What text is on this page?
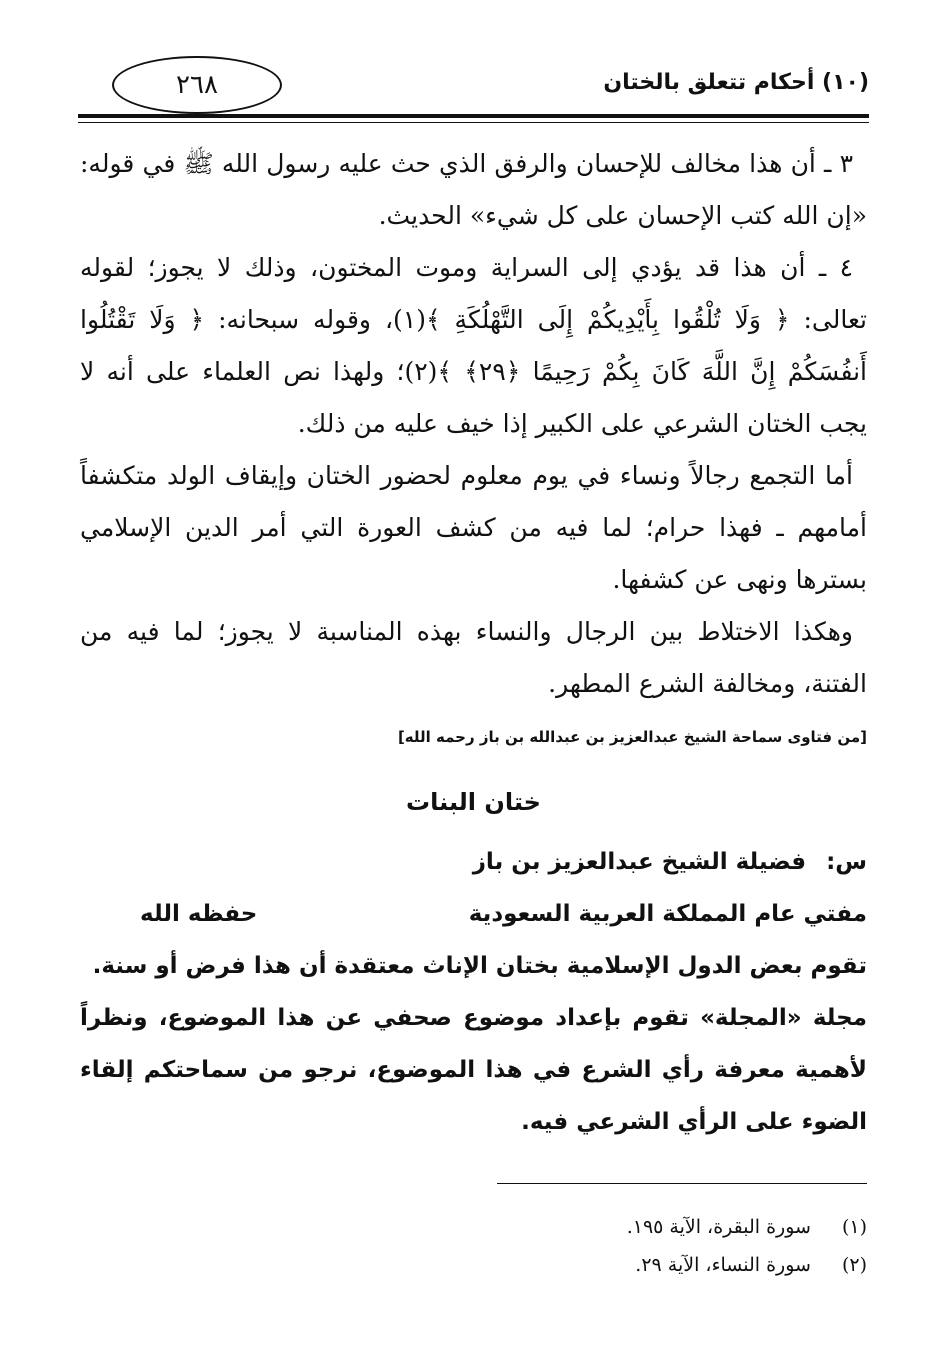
(١٠) أحكام تتعلق بالختان
٢٦٨

٣ ـ أن هذا مخالف للإحسان والرفق الذي حث عليه رسول الله ﷺ في قوله: «إن الله كتب الإحسان على كل شيء» الحديث.

٤ ـ أن هذا قد يؤدي إلى السراية وموت المختون، وذلك لا يجوز؛ لقوله تعالى: ﴿ وَلَا تُلْقُوا بِأَيْدِيكُمْ إِلَى التَّهْلُكَةِ ﴾(١)، وقوله سبحانه: ﴿ وَلَا تَقْتُلُوا أَنفُسَكُمْ إِنَّ اللَّهَ كَانَ بِكُمْ رَحِيمًا ﴿٢٩﴾ ﴾(٢)؛ ولهذا نص العلماء على أنه لا يجب الختان الشرعي على الكبير إذا خيف عليه من ذلك.

أما التجمع رجالاً ونساء في يوم معلوم لحضور الختان وإيقاف الولد متكشفاً أمامهم ـ فهذا حرام؛ لما فيه من كشف العورة التي أمر الدين الإسلامي بسترها ونهى عن كشفها.

وهكذا الاختلاط بين الرجال والنساء بهذه المناسبة لا يجوز؛ لما فيه من الفتنة، ومخالفة الشرع المطهر.

[من فتاوى سماحة الشيخ عبدالعزيز بن عبدالله بن باز رحمه الله]
ختان البنات

س: فضيلة الشيخ عبدالعزيز بن باز

مفتي عام المملكة العربية السعودية
حفظه الله

تقوم بعض الدول الإسلامية بختان الإناث معتقدة أن هذا فرض أو سنة.

مجلة «المجلة» تقوم بإعداد موضوع صحفي عن هذا الموضوع، ونظراً لأهمية معرفة رأي الشرع في هذا الموضوع، نرجو من سماحتكم إلقاء الضوء على الرأي الشرعي فيه.

(١) سورة البقرة، الآية ١٩٥.

(٢) سورة النساء، الآية ٢٩.
